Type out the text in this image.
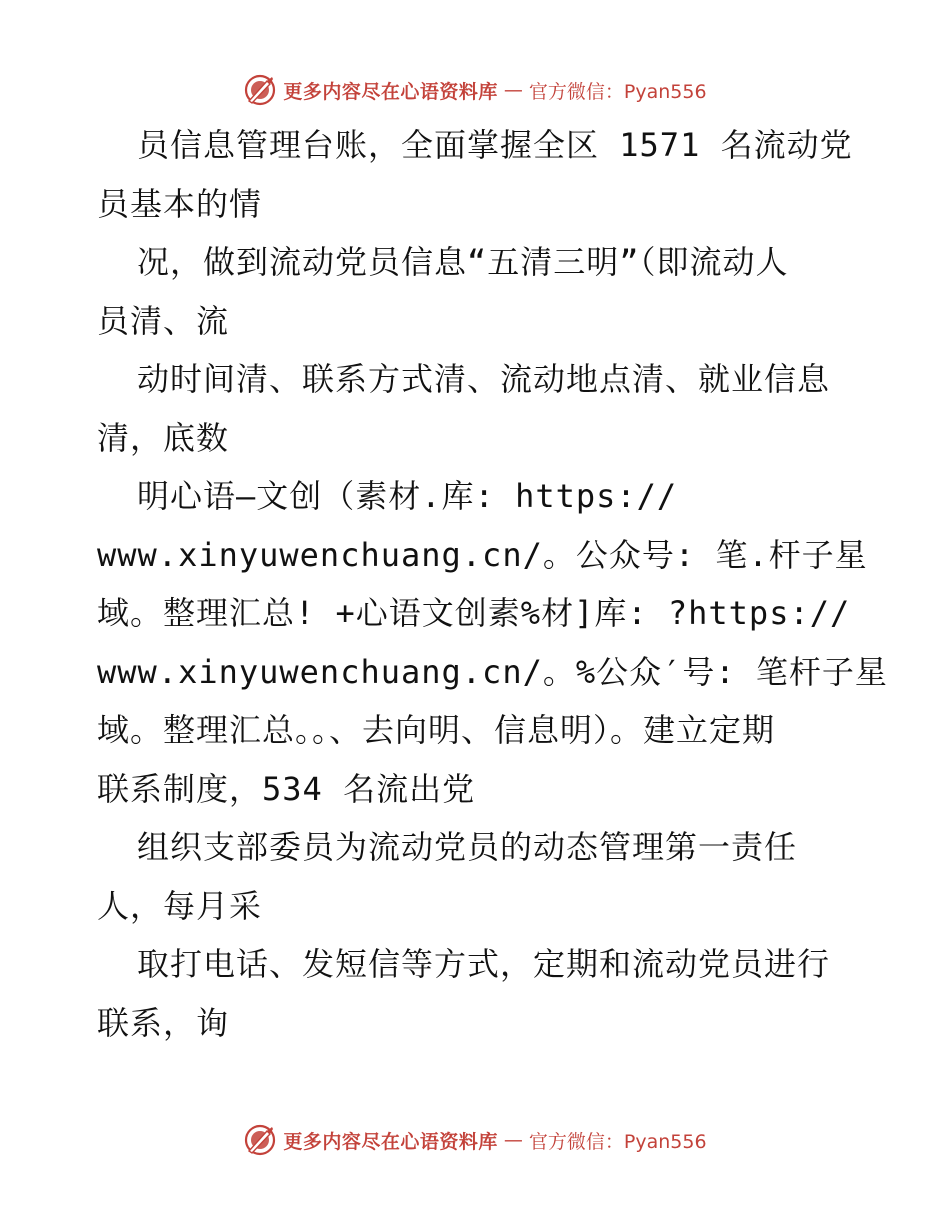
更多内容尽在心语资料库 — 官方微信：Pyan556
员信息管理台账，全面掌握全区 1571 名流动党
员基本的情
况，做到流动党员信息“五清三明”（即流动人
员清、流
动时间清、联系方式清、流动地点清、就业信息
清，底数
明心语—文创（素材.库: https://
www.xinyuwenchuang.cn/。公众号: 笔.杆子星
域。整理汇总! +心语文创素%材]库: ?https://
www.xinyuwenchuang.cn/。%公众′号: 笔杆子星
域。整理汇总。。、去向明、信息明）。建立定期
联系制度，534 名流出党
组织支部委员为流动党员的动态管理第一责任
人，每月采
取打电话、发短信等方式，定期和流动党员进行
联系，询
更多内容尽在心语资料库 — 官方微信：Pyan556
